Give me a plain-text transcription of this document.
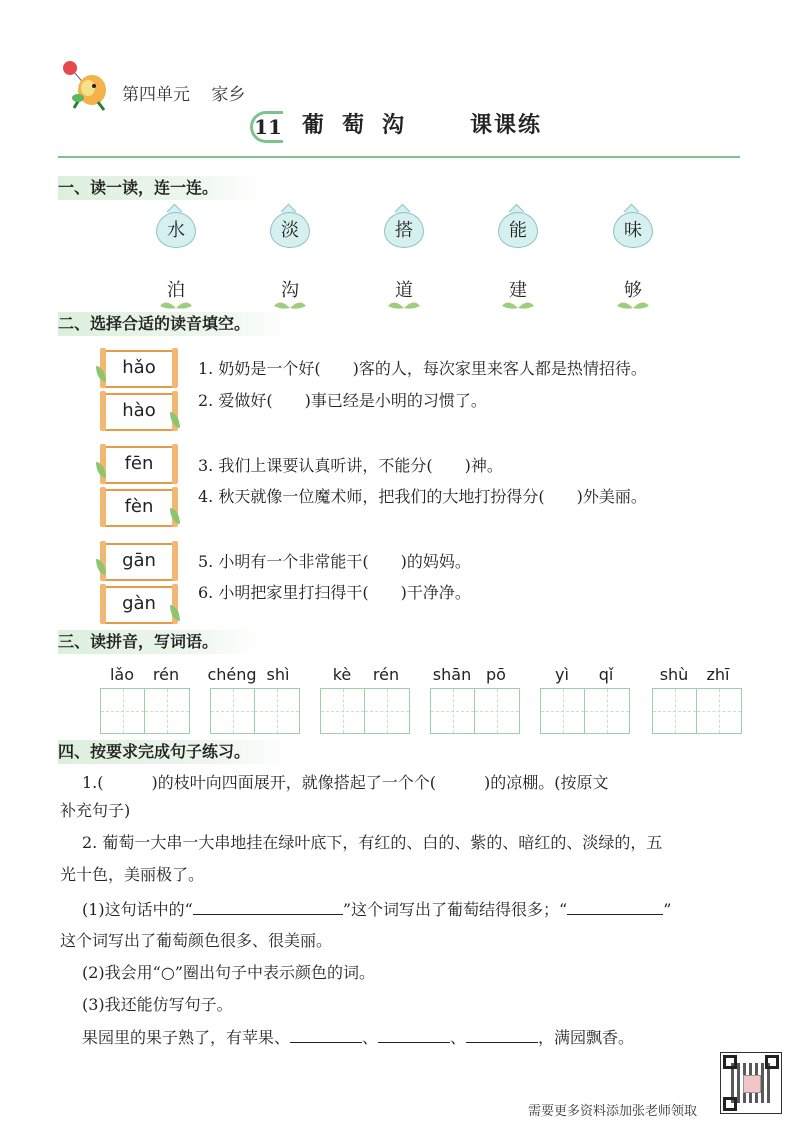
第四单元 家乡
11 葡萄沟 课课练
一、读一读，连一连。
水	淡	搭	能	味
泊	沟	道	建	够
二、选择合适的读音填空。
hǎo
hào
1. 奶奶是一个好(　　)客的人，每次家里来客人都是热情招待。
2. 爱做好(　　)事已经是小明的习惯了。
fēn
fèn
3. 我们上课要认真听讲，不能分(　　)神。
4. 秋天就像一位魔术师，把我们的大地打扮得分(　　)外美丽。
gān
gàn
5. 小明有一个非常能干(　　)的妈妈。
6. 小明把家里打扫得干(　　)干净净。
三、读拼音，写词语。
lǎo	rén	chéng shì	kè	rén	shān pō	yì	qǐ	shù	zhī
四、按要求完成句子练习。
1.(　　　)的枝叶向四面展开，就像搭起了一个个(　　　)的凉棚。(按原文
补充句子)
2. 葡萄一大串一大串地挂在绿叶底下，有红的、白的、紫的、暗红的、淡绿的，五
光十色，美丽极了。
(1)这句话中的“	”这个词写出了葡萄结得很多；“	”
这个词写出了葡萄颜色很多、很美丽。
(2)我会用“○”圈出句子中表示颜色的词。
(3)我还能仿写句子。
果园里的果子熟了，有苹果、	、	、	，满园飘香。
需要更多资料添加张老师领取
